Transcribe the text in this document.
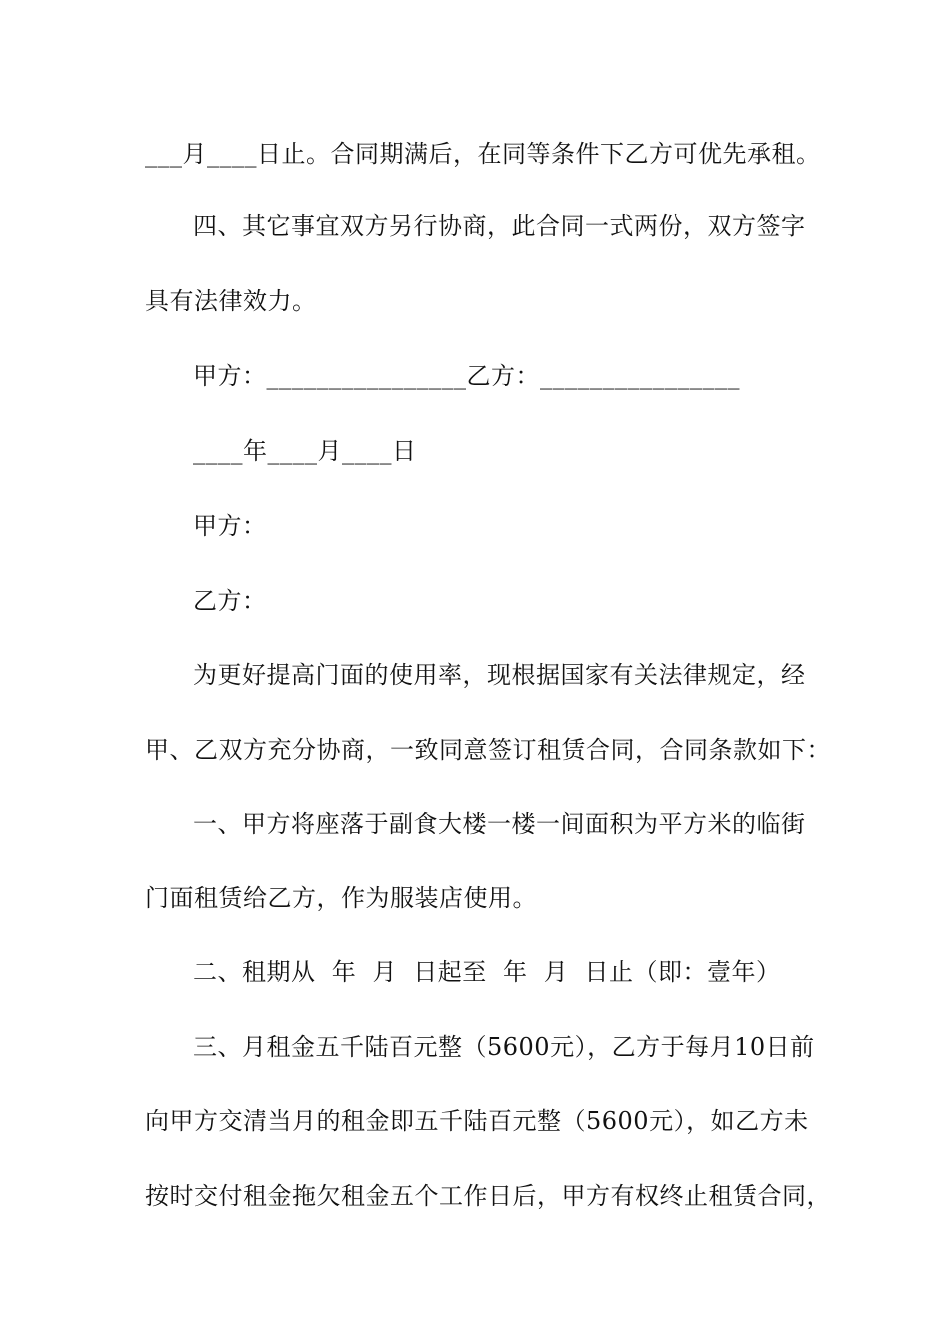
___月____日止。合同期满后，在同等条件下乙方可优先承租。
四、其它事宜双方另行协商，此合同一式两份，双方签字
具有法律效力。
甲方：________________乙方：________________
____年____月____日
甲方：
乙方：
为更好提高门面的使用率，现根据国家有关法律规定，经
甲、乙双方充分协商，一致同意签订租赁合同，合同条款如下：
一、甲方将座落于副食大楼一楼一间面积为平方米的临街
门面租赁给乙方，作为服装店使用。
二、租期从  年  月  日起至  年  月  日止（即：壹年）
三、月租金五千陆百元整（5600元），乙方于每月10日前
向甲方交清当月的租金即五千陆百元整（5600元），如乙方未
按时交付租金拖欠租金五个工作日后，甲方有权终止租赁合同，
